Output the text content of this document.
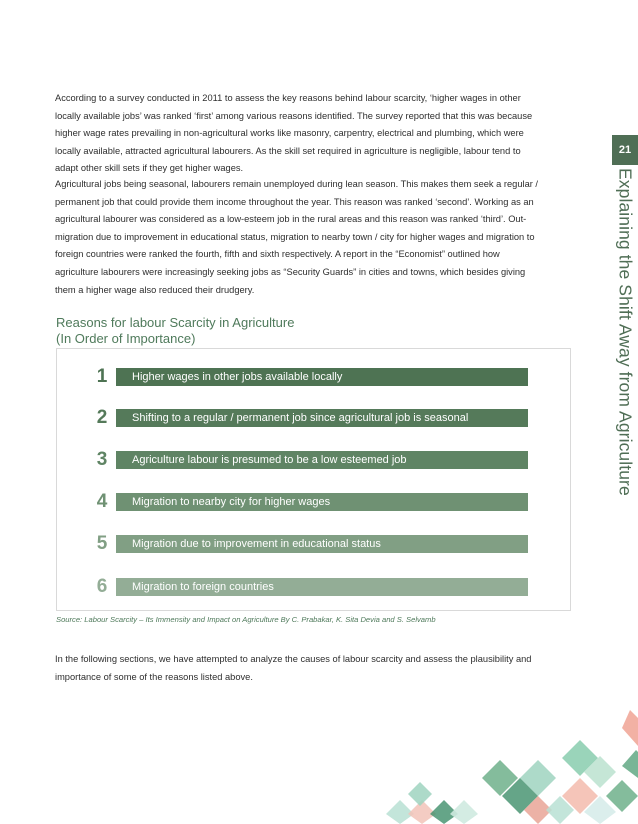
21
Explaining the Shift Away from Agriculture

According to a survey conducted in 2011 to assess the key reasons behind labour scarcity, ‘higher wages in other locally available jobs’ was ranked ‘first’ among various reasons identified. The survey reported that this was because higher wage rates prevailing in non-agricultural works like masonry, carpentry, electrical and plumbing, which were locally available, attracted agricultural labourers. As the skill set required in agriculture is negligible, labour tend to adapt other skill sets if they get higher wages.

Agricultural jobs being seasonal, labourers remain unemployed during lean season. This makes them seek a regular / permanent job that could provide them income throughout the year. This reason was ranked ‘second’. Working as an agricultural labourer was considered as a low-esteem job in the rural areas and this reason was ranked ‘third’. Out-migration due to improvement in educational status, migration to nearby town / city for higher wages and migration to foreign countries were ranked the fourth, fifth and sixth respectively. A report in the “Economist” outlined how agriculture labourers were increasingly seeking jobs as “Security Guards” in cities and towns, which besides giving them a higher wage also reduced their drudgery.

Reasons for labour Scarcity in Agriculture
(In Order of Importance)

1	Higher wages in other jobs available locally
2	Shifting to a regular / permanent job since agricultural job is seasonal
3	Agriculture labour is presumed to be a low esteemed job
4	Migration to nearby city for higher wages
5	Migration due to improvement in educational status
6	Migration to foreign countries
Source: Labour Scarcity – Its Immensity and Impact on Agriculture By C. Prabakar, K. Sita Devia and S. Selvamb

In the following sections, we have attempted to analyze the causes of labour scarcity and assess the plausibility and importance of some of the reasons listed above.
